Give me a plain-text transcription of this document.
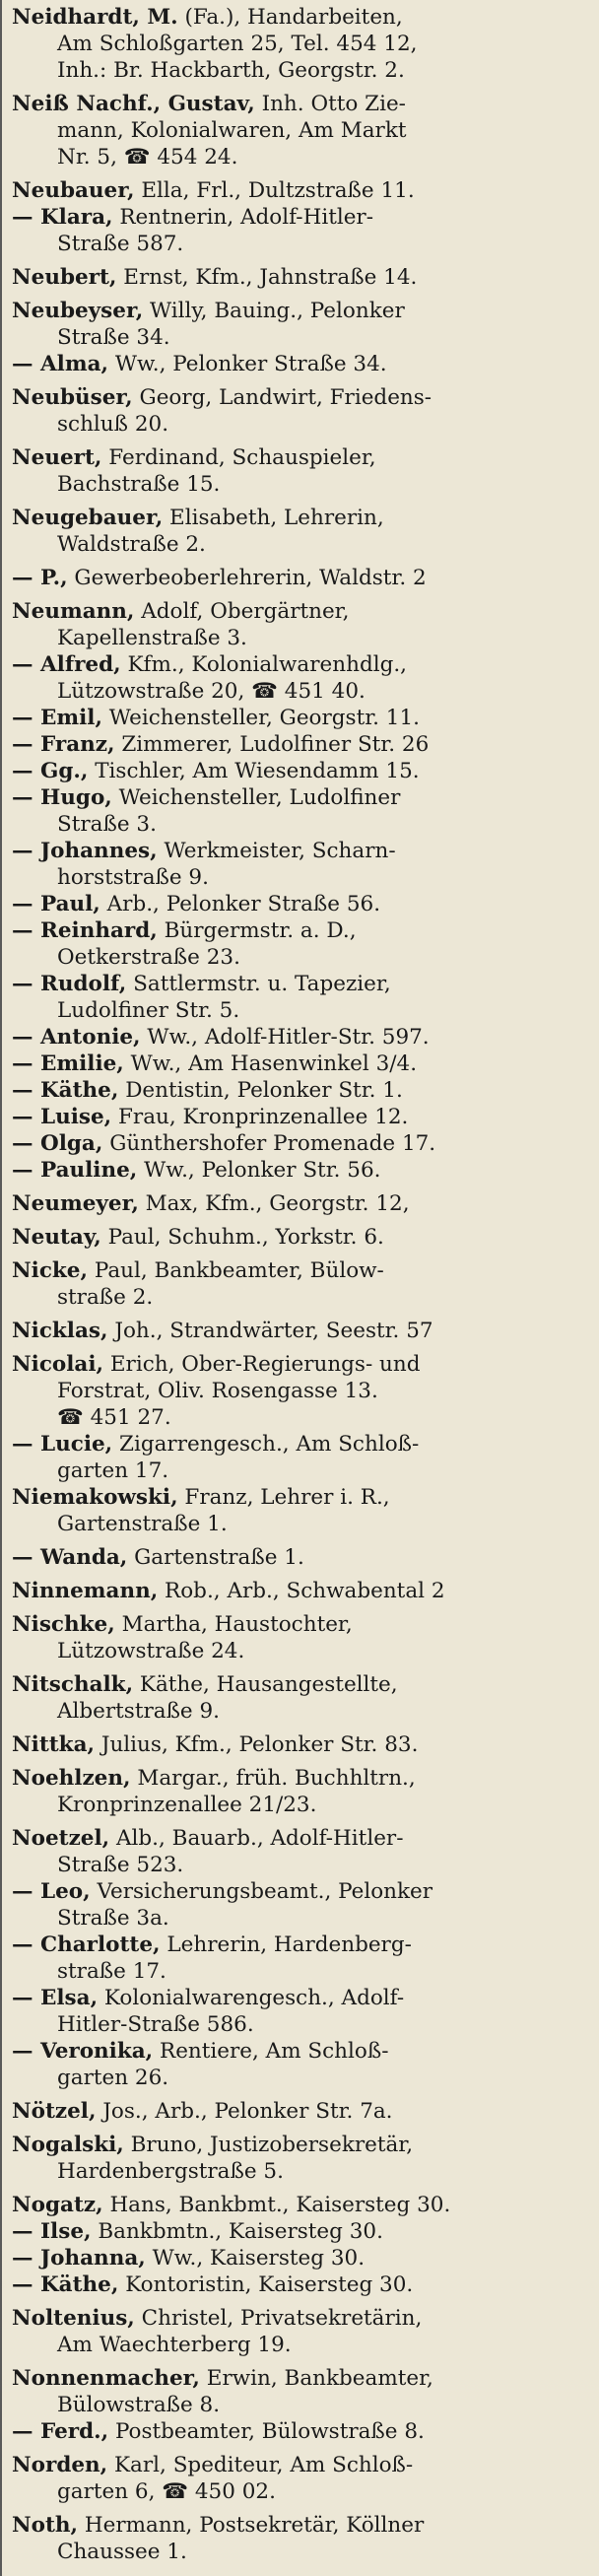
Neidhardt, M. (Fa.), Handarbeiten,
Am Schloßgarten 25, Tel. 454 12,
Inh.: Br. Hackbarth, Georgstr. 2.

Neiß Nachf., Gustav, Inh. Otto Zie-
mann, Kolonialwaren, Am Markt
Nr. 5, ☎ 454 24.

Neubauer, Ella, Frl., Dultzstraße 11.

— Klara, Rentnerin, Adolf-Hitler-
Straße 587.

Neubert, Ernst, Kfm., Jahnstraße 14.

Neubeyser, Willy, Bauing., Pelonker
Straße 34.

— Alma, Ww., Pelonker Straße 34.

Neubüser, Georg, Landwirt, Friedens-
schluß 20.

Neuert, Ferdinand, Schauspieler,
Bachstraße 15.

Neugebauer, Elisabeth, Lehrerin,
Waldstraße 2.

— P., Gewerbeoberlehrerin, Waldstr. 2

Neumann, Adolf, Obergärtner,
Kapellenstraße 3.

— Alfred, Kfm., Kolonialwarenhdlg.,
Lützowstraße 20, ☎ 451 40.

— Emil, Weichensteller, Georgstr. 11.

— Franz, Zimmerer, Ludolfiner Str. 26

— Gg., Tischler, Am Wiesendamm 15.

— Hugo, Weichensteller, Ludolfiner
Straße 3.

— Johannes, Werkmeister, Scharn-
horststraße 9.

— Paul, Arb., Pelonker Straße 56.

— Reinhard, Bürgermstr. a. D.,
Oetkerstraße 23.

— Rudolf, Sattlermstr. u. Tapezier,
Ludolfiner Str. 5.

— Antonie, Ww., Adolf-Hitler-Str. 597.

— Emilie, Ww., Am Hasenwinkel 3/4.

— Käthe, Dentistin, Pelonker Str. 1.

— Luise, Frau, Kronprinzenallee 12.

— Olga, Günthershofer Promenade 17.

— Pauline, Ww., Pelonker Str. 56.

Neumeyer, Max, Kfm., Georgstr. 12,

Neutay, Paul, Schuhm., Yorkstr. 6.

Nicke, Paul, Bankbeamter, Bülow-
straße 2.

Nicklas, Joh., Strandwärter, Seestr. 57

Nicolai, Erich, Ober-Regierungs- und
Forstrat, Oliv. Rosengasse 13.
☎ 451 27.

— Lucie, Zigarrengesch., Am Schloß-
garten 17.

Niemakowski, Franz, Lehrer i. R.,
Gartenstraße 1.

— Wanda, Gartenstraße 1.

Ninnemann, Rob., Arb., Schwabental 2

Nischke, Martha, Haustochter,
Lützowstraße 24.

Nitschalk, Käthe, Hausangestellte,
Albertstraße 9.

Nittka, Julius, Kfm., Pelonker Str. 83.

Noehlzen, Margar., früh. Buchhltrn.,
Kronprinzenallee 21/23.

Noetzel, Alb., Bauarb., Adolf-Hitler-
Straße 523.

— Leo, Versicherungsbeamt., Pelonker
Straße 3a.

— Charlotte, Lehrerin, Hardenberg-
straße 17.

— Elsa, Kolonialwarengesch., Adolf-
Hitler-Straße 586.

— Veronika, Rentiere, Am Schloß-
garten 26.

Nötzel, Jos., Arb., Pelonker Str. 7a.

Nogalski, Bruno, Justizobersekretär,
Hardenbergstraße 5.

Nogatz, Hans, Bankbmt., Kaisersteg 30.

— Ilse, Bankbmtn., Kaisersteg 30.

— Johanna, Ww., Kaisersteg 30.

— Käthe, Kontoristin, Kaisersteg 30.

Noltenius, Christel, Privatsekretärin,
Am Waechterberg 19.

Nonnenmacher, Erwin, Bankbeamter,
Bülowstraße 8.

— Ferd., Postbeamter, Bülowstraße 8.

Norden, Karl, Spediteur, Am Schloß-
garten 6, ☎ 450 02.

Noth, Hermann, Postsekretär, Köllner
Chaussee 1.
